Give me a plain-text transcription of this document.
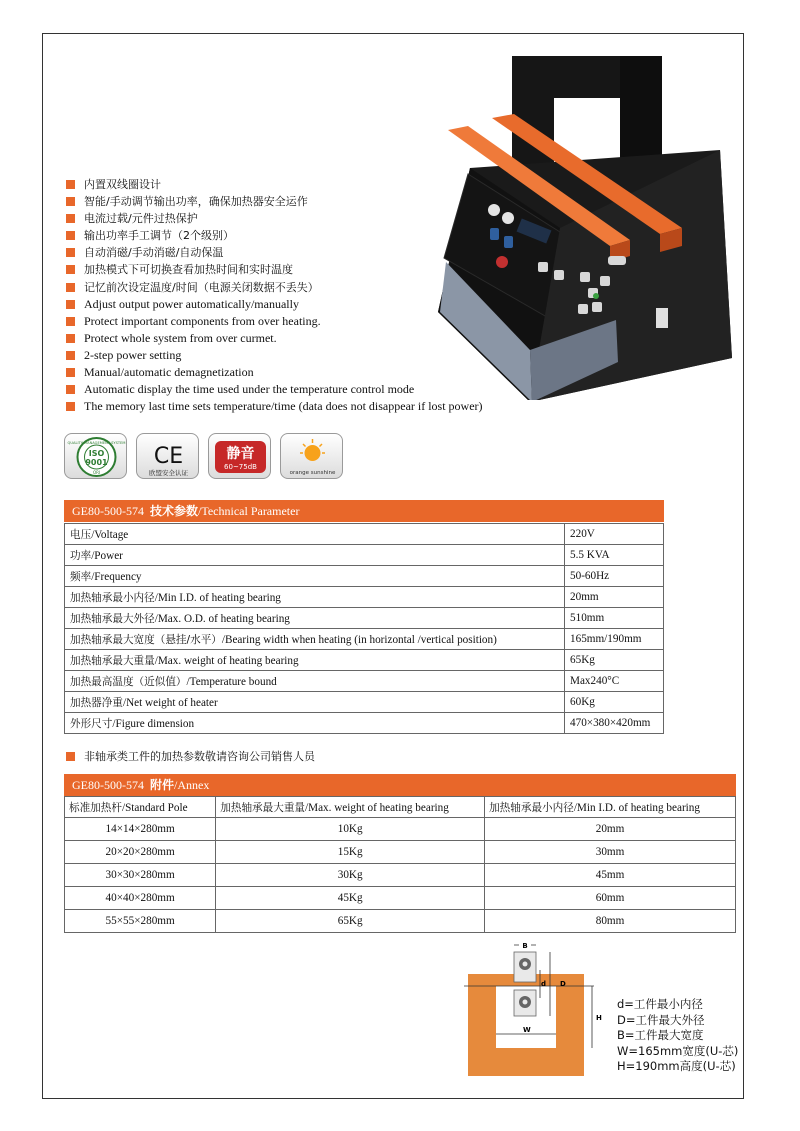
内置双线圈设计
智能/手动调节输出功率，确保加热器安全运作
电流过载/元件过热保护
输出功率手工调节（2个级别）
自动消磁/手动消磁/自动保温
加热模式下可切换查看加热时间和实时温度
记忆前次设定温度/时间（电源关闭数据不丢失）
Adjust output power automatically/manually
Protect important components from over heating.
Protect whole system from over curmet.
2-step power setting
Manual/automatic demagnetization
Automatic display the time used under the temperature control mode
The memory last time sets temperature/time (data does not disappear if lost power)
QUALITY MANAGEMENT SYSTEM
ISO
9001
ORI
CE
欧盟安全认证
静音
60~75dB
orange sunshine
GE80-500-574 技术参数/Technical Parameter
电压/Voltage	220V
功率/Power	5.5 KVA
频率/Frequency	50-60Hz
加热轴承最小内径/Min I.D. of heating bearing	20mm
加热轴承最大外径/Max. O.D. of heating bearing	510mm
加热轴承最大宽度（悬挂/水平）/Bearing width when heating (in horizontal /vertical position)	165mm/190mm
加热轴承最大重量/Max. weight of heating bearing	65Kg
加热最高温度（近似值）/Temperature bound	Max240°C
加热器净重/Net weight of heater	60Kg
外形尺寸/Figure dimension	470×380×420mm
非轴承类工件的加热参数敬请咨询公司销售人员
GE80-500-574 附件/Annex
标准加热杆/Standard Pole	加热轴承最大重量/Max. weight of heating bearing	加热轴承最小内径/Min I.D. of heating bearing
14×14×280mm	10Kg	20mm
20×20×280mm	15Kg	30mm
30×30×280mm	30Kg	45mm
40×40×280mm	45Kg	60mm
55×55×280mm	65Kg	80mm
B
d D
H
W
d=工件最小内径
D=工件最大外径
B=工件最大宽度
W=165mm宽度(U-芯)
H=190mm高度(U-芯)
